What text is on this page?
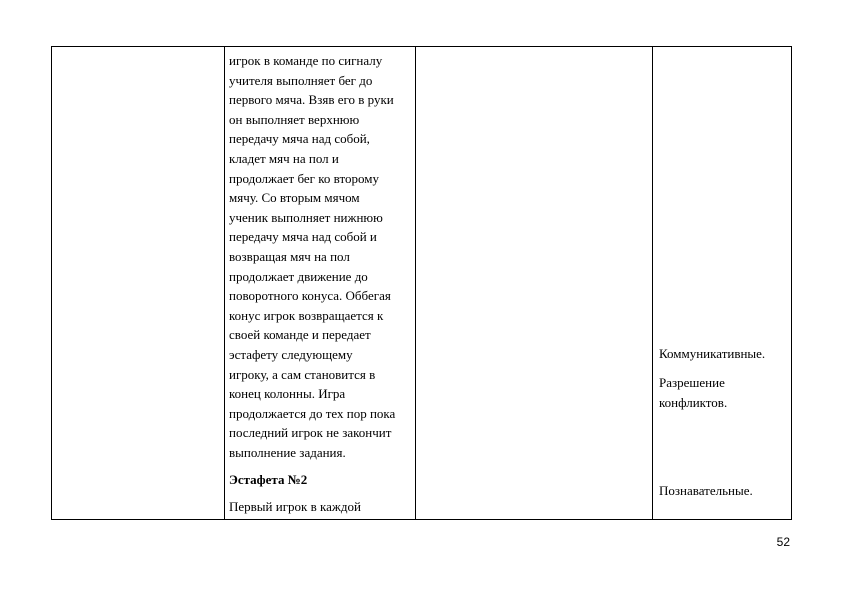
игрок в команде по сигналу

учителя выполняет бег до

первого мяча. Взяв его в руки

он выполняет верхнюю

передачу мяча над собой,

кладет мяч на пол и

продолжает бег ко второму

мячу. Со вторым мячом

ученик выполняет нижнюю

передачу мяча над собой и

возвращая мяч на пол

продолжает движение до

поворотного конуса. Оббегая

конус игрок возвращается к

своей команде и передает

эстафету следующему

игроку, а сам становится в

конец колонны. Игра

продолжается до тех пор пока

последний игрок не закончит

выполнение задания.

Эстафета №2

Первый игрок в каждой

Коммуникативные.

Разрешение

конфликтов.

Познавательные.

52
